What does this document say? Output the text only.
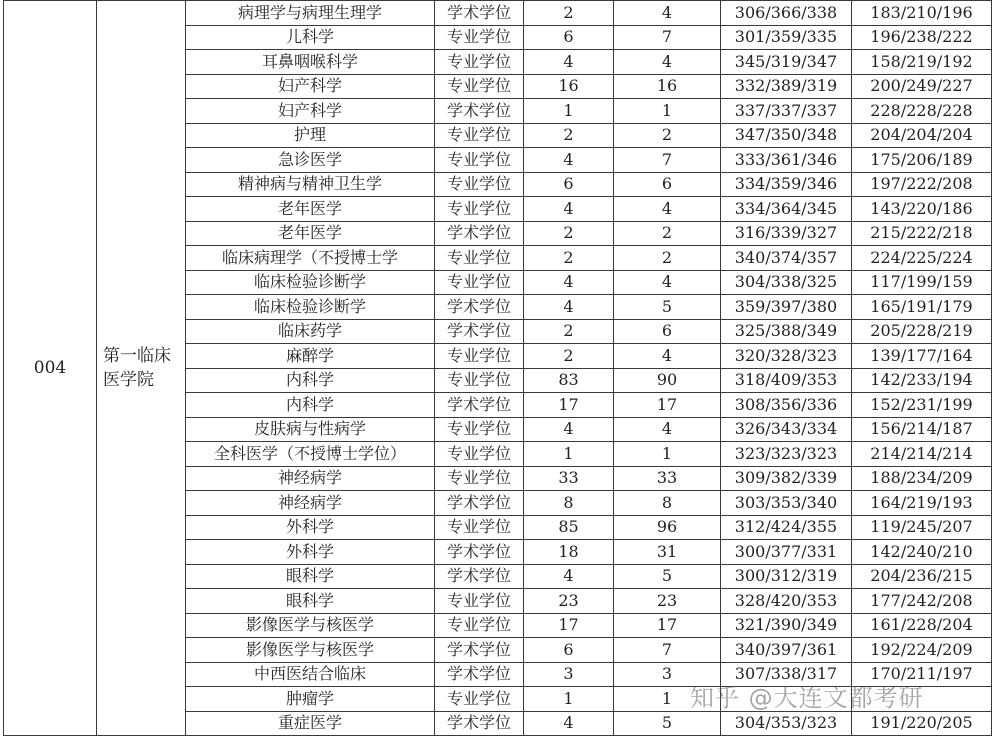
004	第一临床
医学院	病理学与病理生理学	学术学位	2	4	306/366/338	183/210/196
		儿科学	专业学位	6	7	301/359/335	196/238/222
		耳鼻咽喉科学	专业学位	4	4	345/319/347	158/219/192
		妇产科学	专业学位	16	16	332/389/319	200/249/227
		妇产科学	学术学位	1	1	337/337/337	228/228/228
		护理	专业学位	2	2	347/350/348	204/204/204
		急诊医学	专业学位	4	7	333/361/346	175/206/189
		精神病与精神卫生学	专业学位	6	6	334/359/346	197/222/208
		老年医学	专业学位	4	4	334/364/345	143/220/186
		老年医学	学术学位	2	2	316/339/327	215/222/218
		临床病理学（不授博士学	专业学位	2	2	340/374/357	224/225/224
		临床检验诊断学	专业学位	4	4	304/338/325	117/199/159
		临床检验诊断学	学术学位	4	5	359/397/380	165/191/179
		临床药学	学术学位	2	6	325/388/349	205/228/219
		麻醉学	专业学位	2	4	320/328/323	139/177/164
		内科学	专业学位	83	90	318/409/353	142/233/194
		内科学	学术学位	17	17	308/356/336	152/231/199
		皮肤病与性病学	专业学位	4	4	326/343/334	156/214/187
		全科医学（不授博士学位）	专业学位	1	1	323/323/323	214/214/214
		神经病学	专业学位	33	33	309/382/339	188/234/209
		神经病学	学术学位	8	8	303/353/340	164/219/193
		外科学	专业学位	85	96	312/424/355	119/245/207
		外科学	学术学位	18	31	300/377/331	142/240/210
		眼科学	学术学位	4	5	300/312/319	204/236/215
		眼科学	专业学位	23	23	328/420/353	177/242/208
		影像医学与核医学	专业学位	17	17	321/390/349	161/228/204
		影像医学与核医学	学术学位	6	7	340/397/361	192/224/209
		中西医结合临床	学术学位	3	3	307/338/317	170/211/197
		肿瘤学	专业学位	1	1		
		重症医学	学术学位	4	5	304/353/323	191/220/205
知乎 @大连文都考研
